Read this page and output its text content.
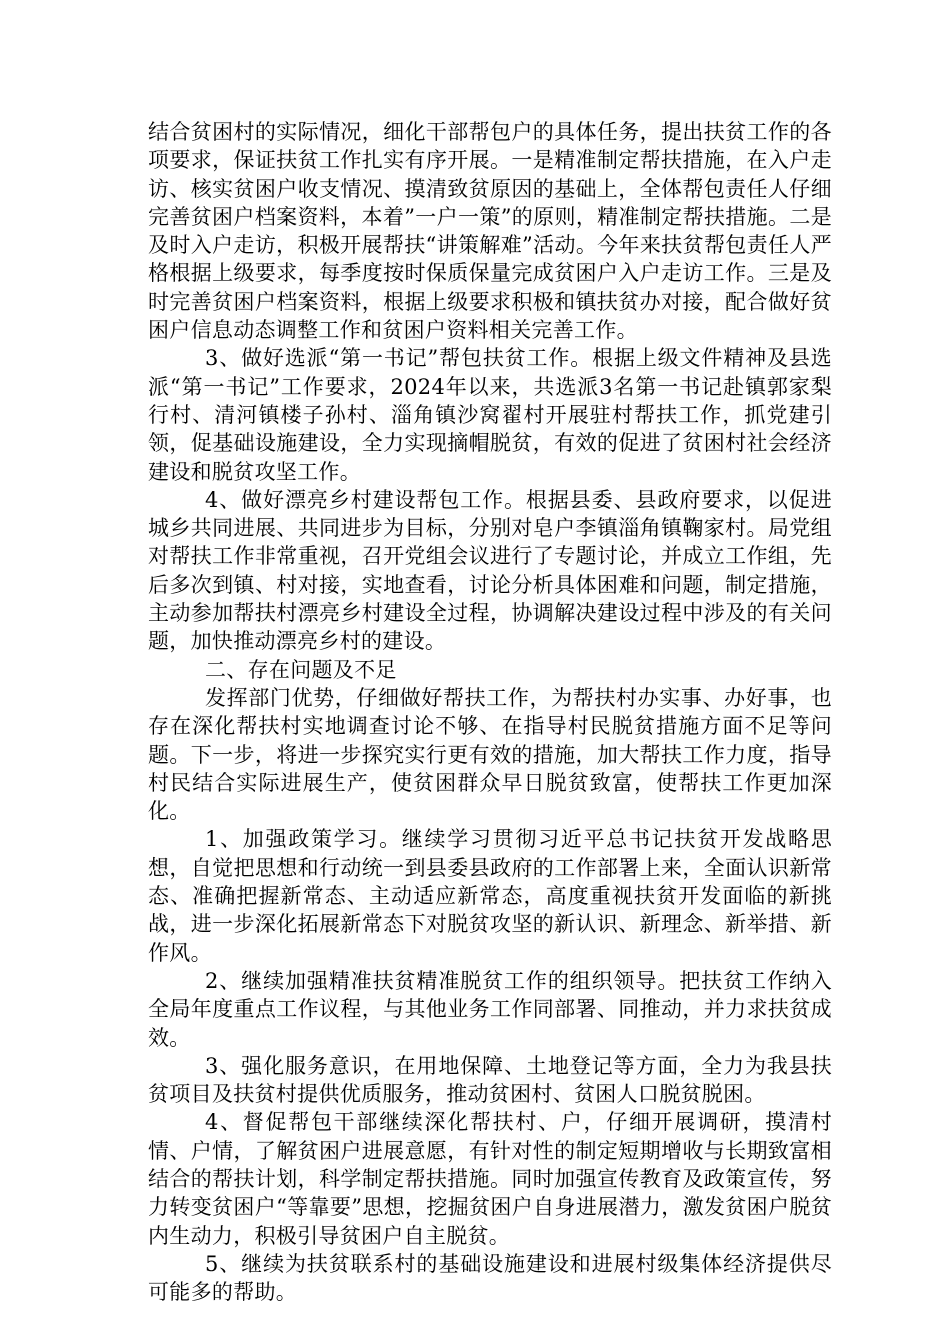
结合贫困村的实际情况，细化干部帮包户的具体任务，提出扶贫工作的各项要求，保证扶贫工作扎实有序开展。一是精准制定帮扶措施，在入户走访、核实贫困户收支情况、摸清致贫原因的基础上，全体帮包责任人仔细完善贫困户档案资料，本着”一户一策”的原则，精准制定帮扶措施。二是及时入户走访，积极开展帮扶“讲策解难”活动。今年来扶贫帮包责任人严格根据上级要求，每季度按时保质保量完成贫困户入户走访工作。三是及时完善贫困户档案资料，根据上级要求积极和镇扶贫办对接，配合做好贫困户信息动态调整工作和贫困户资料相关完善工作。

3、做好选派“第一书记”帮包扶贫工作。根据上级文件精神及县选派“第一书记”工作要求，2024年以来，共选派3名第一书记赴镇郭家梨行村、清河镇楼子孙村、淄角镇沙窝翟村开展驻村帮扶工作，抓党建引领，促基础设施建设，全力实现摘帽脱贫，有效的促进了贫困村社会经济建设和脱贫攻坚工作。

4、做好漂亮乡村建设帮包工作。根据县委、县政府要求，以促进城乡共同进展、共同进步为目标，分别对皂户李镇淄角镇鞠家村。局党组对帮扶工作非常重视，召开党组会议进行了专题讨论，并成立工作组，先后多次到镇、村对接，实地查看，讨论分析具体困难和问题，制定措施，主动参加帮扶村漂亮乡村建设全过程，协调解决建设过程中涉及的有关问题，加快推动漂亮乡村的建设。

二、存在问题及不足

发挥部门优势，仔细做好帮扶工作，为帮扶村办实事、办好事，也存在深化帮扶村实地调查讨论不够、在指导村民脱贫措施方面不足等问题。下一步，将进一步探究实行更有效的措施，加大帮扶工作力度，指导村民结合实际进展生产，使贫困群众早日脱贫致富，使帮扶工作更加深化。

1、加强政策学习。继续学习贯彻习近平总书记扶贫开发战略思想，自觉把思想和行动统一到县委县政府的工作部署上来，全面认识新常态、准确把握新常态、主动适应新常态，高度重视扶贫开发面临的新挑战，进一步深化拓展新常态下对脱贫攻坚的新认识、新理念、新举措、新作风。

2、继续加强精准扶贫精准脱贫工作的组织领导。把扶贫工作纳入全局年度重点工作议程，与其他业务工作同部署、同推动，并力求扶贫成效。

3、强化服务意识，在用地保障、土地登记等方面，全力为我县扶贫项目及扶贫村提供优质服务，推动贫困村、贫困人口脱贫脱困。

4、督促帮包干部继续深化帮扶村、户，仔细开展调研，摸清村情、户情，了解贫困户进展意愿，有针对性的制定短期增收与长期致富相结合的帮扶计划，科学制定帮扶措施。同时加强宣传教育及政策宣传，努力转变贫困户“等靠要”思想，挖掘贫困户自身进展潜力，激发贫困户脱贫内生动力，积极引导贫困户自主脱贫。

5、继续为扶贫联系村的基础设施建设和进展村级集体经济提供尽可能多的帮助。
